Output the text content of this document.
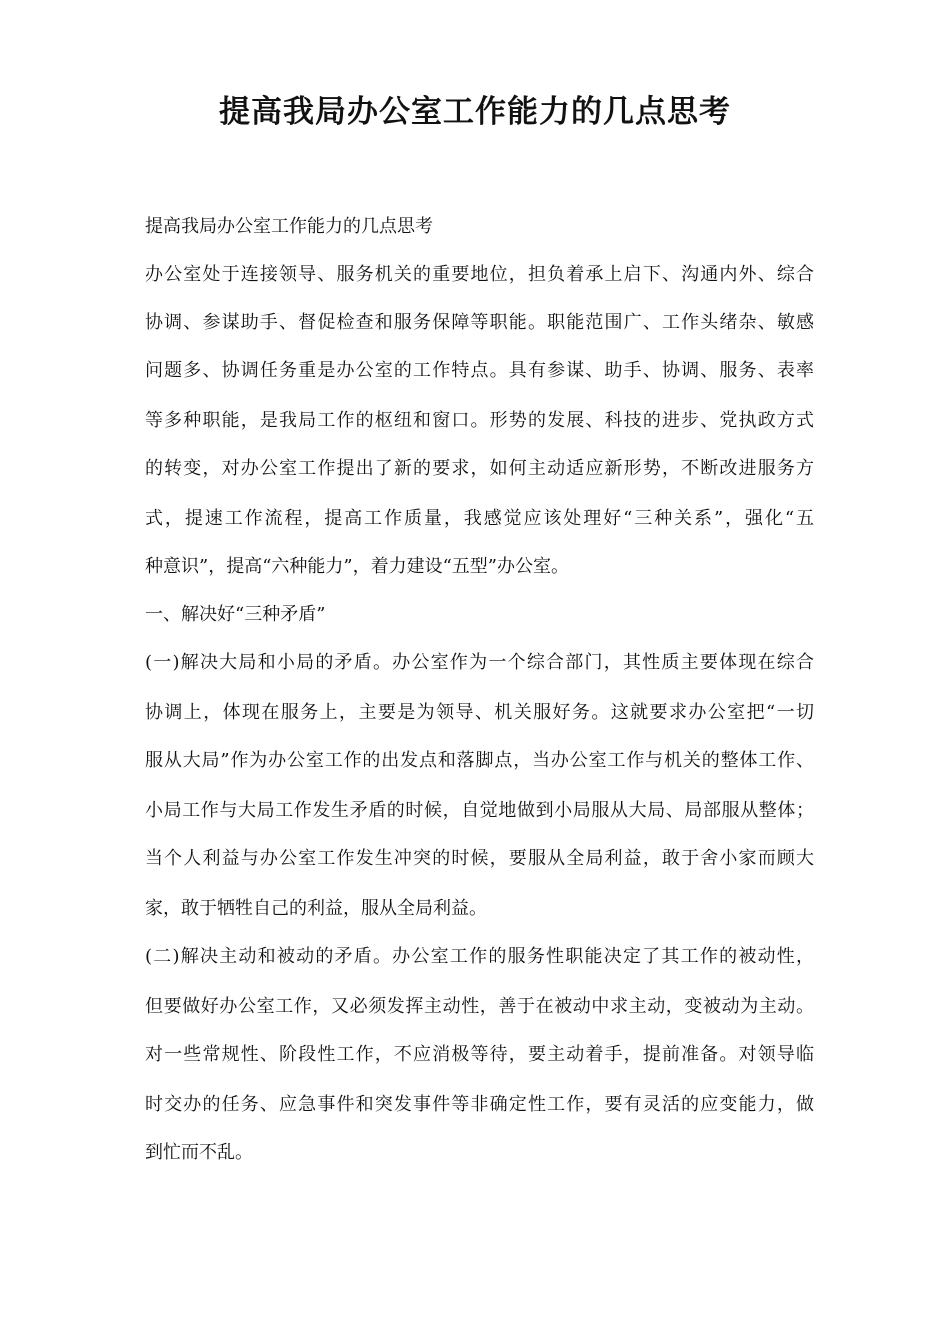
提高我局办公室工作能力的几点思考
提高我局办公室工作能力的几点思考
办公室处于连接领导、服务机关的重要地位，担负着承上启下、沟通内外、综合
协调、参谋助手、督促检查和服务保障等职能。职能范围广、工作头绪杂、敏感
问题多、协调任务重是办公室的工作特点。具有参谋、助手、协调、服务、表率
等多种职能，是我局工作的枢纽和窗口。形势的发展、科技的进步、党执政方式
的转变，对办公室工作提出了新的要求，如何主动适应新形势，不断改进服务方
式，提速工作流程，提高工作质量，我感觉应该处理好“三种关系”，强化“五
种意识”，提高“六种能力”，着力建设“五型”办公室。
一、解决好“三种矛盾”
(一)解决大局和小局的矛盾。办公室作为一个综合部门，其性质主要体现在综合
协调上，体现在服务上，主要是为领导、机关服好务。这就要求办公室把“一切
服从大局”作为办公室工作的出发点和落脚点，当办公室工作与机关的整体工作、
小局工作与大局工作发生矛盾的时候，自觉地做到小局服从大局、局部服从整体；
当个人利益与办公室工作发生冲突的时候，要服从全局利益，敢于舍小家而顾大
家，敢于牺牲自己的利益，服从全局利益。
(二)解决主动和被动的矛盾。办公室工作的服务性职能决定了其工作的被动性，
但要做好办公室工作，又必须发挥主动性，善于在被动中求主动，变被动为主动。
对一些常规性、阶段性工作，不应消极等待，要主动着手，提前准备。对领导临
时交办的任务、应急事件和突发事件等非确定性工作，要有灵活的应变能力，做
到忙而不乱。
